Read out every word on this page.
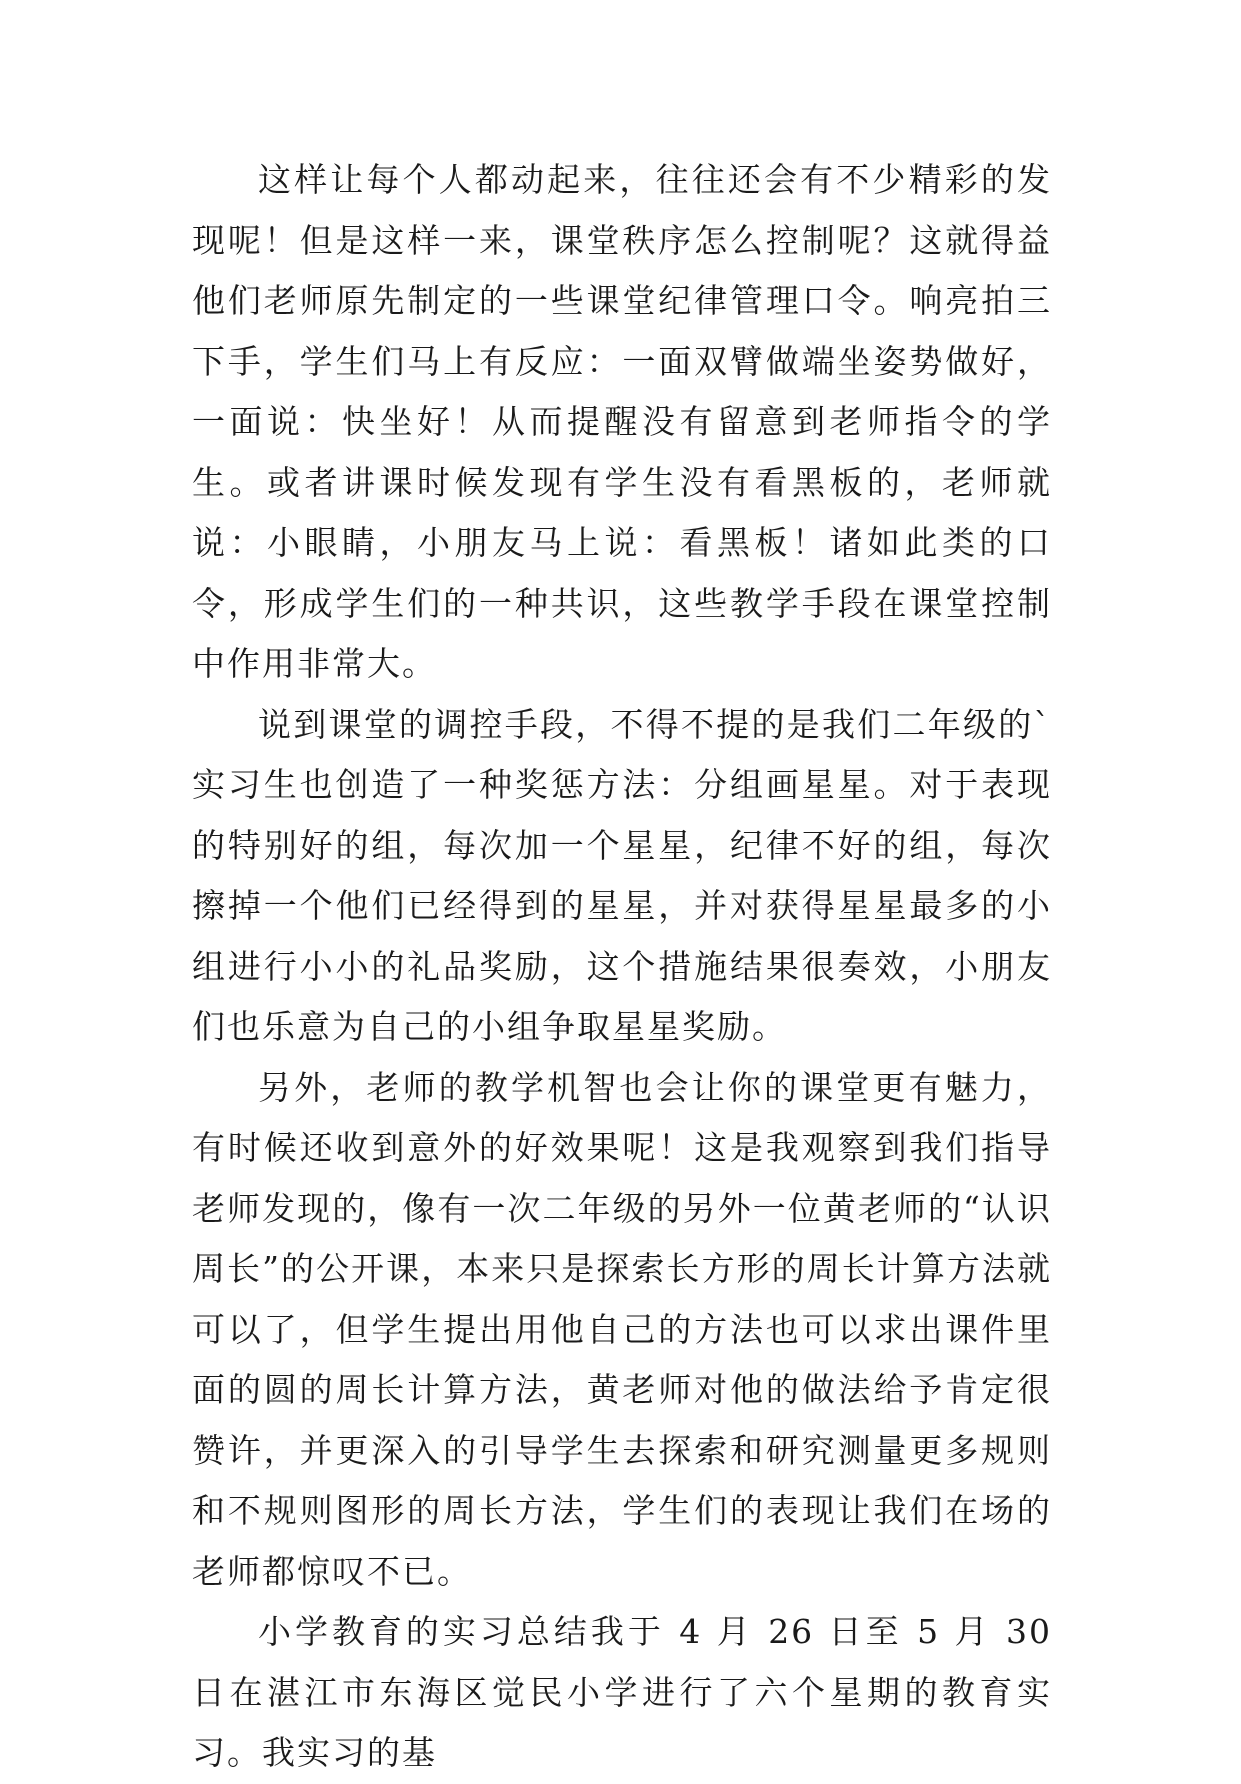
这样让每个人都动起来，往往还会有不少精彩的发现呢！但是这样一来，课堂秩序怎么控制呢？这就得益他们老师原先制定的一些课堂纪律管理口令。响亮拍三下手，学生们马上有反应：一面双臂做端坐姿势做好，一面说：快坐好！从而提醒没有留意到老师指令的学生。或者讲课时候发现有学生没有看黑板的，老师就说：小眼睛，小朋友马上说：看黑板！诸如此类的口令，形成学生们的一种共识，这些教学手段在课堂控制中作用非常大。

说到课堂的调控手段，不得不提的是我们二年级的`实习生也创造了一种奖惩方法：分组画星星。对于表现的特别好的组，每次加一个星星，纪律不好的组，每次擦掉一个他们已经得到的星星，并对获得星星最多的小组进行小小的礼品奖励，这个措施结果很奏效，小朋友们也乐意为自己的小组争取星星奖励。

另外，老师的教学机智也会让你的课堂更有魅力，有时候还收到意外的好效果呢！这是我观察到我们指导老师发现的，像有一次二年级的另外一位黄老师的“认识周长”的公开课，本来只是探索长方形的周长计算方法就可以了，但学生提出用他自己的方法也可以求出课件里面的圆的周长计算方法，黄老师对他的做法给予肯定很赞许，并更深入的引导学生去探索和研究测量更多规则和不规则图形的周长方法，学生们的表现让我们在场的老师都惊叹不已。

小学教育的实习总结我于 4 月 26 日至 5 月 30 日在湛江市东海区觉民小学进行了六个星期的教育实习。我实习的基
